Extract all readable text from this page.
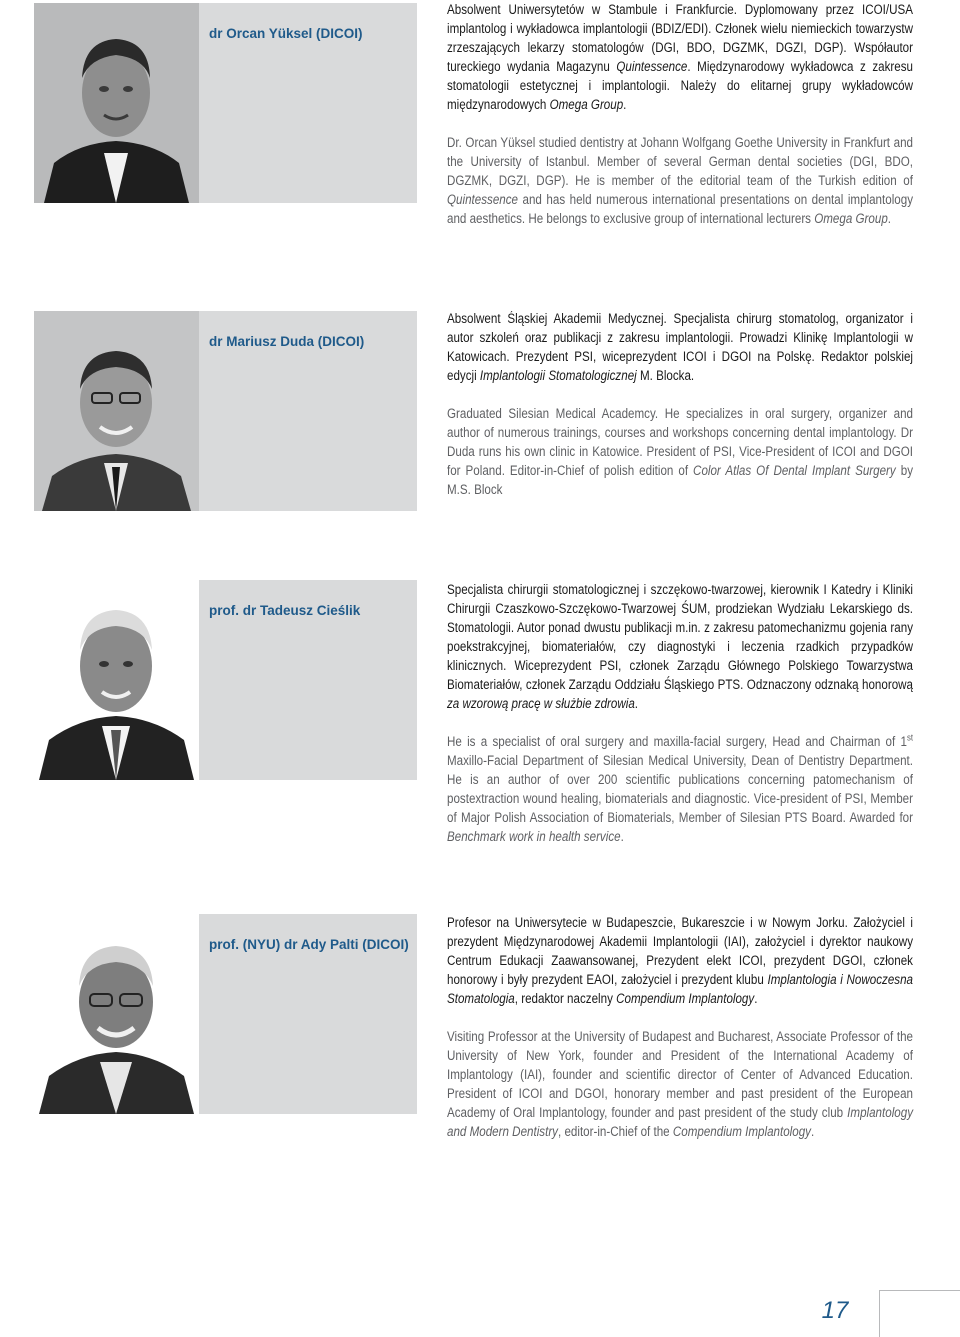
dr Orcan Yüksel (DICOI)

Absolwent Uniwersytetów w Stambule i Frankfurcie. Dyplomowany przez ICOI/USA implantolog i wykładowca implantologii (BDIZ/EDI). Członek wielu niemieckich towarzystw zrzeszających lekarzy stomatologów (DGI, BDO, DGZMK, DGZI, DGP). Współautor tureckiego wydania Magazynu Quintessence. Międzynarodowy wykładowca z zakresu stomatologii estetycznej i implantologii. Należy do elitarnej grupy wykładowców międzynarodowych Omega Group.

Dr. Orcan Yüksel studied dentistry at Johann Wolfgang Goethe University in Frankfurt and the University of Istanbul. Member of several German dental societies (DGI, BDO, DGZMK, DGZI, DGP). He is member of the editorial team of the Turkish edition of Quintessence and has held numerous international presentations on dental implantology and aesthetics. He belongs to exclusive group of international lecturers Omega Group.

dr Mariusz Duda (DICOI)

Absolwent Śląskiej Akademii Medycznej. Specjalista chirurg stomatolog, organizator i autor szkoleń oraz publikacji z zakresu implantologii. Prowadzi Klinikę Implantologii w Katowicach. Prezydent PSI, wiceprezydent ICOI i DGOI na Polskę. Redaktor polskiej edycji Implantologii Stomatologicznej M. Blocka.

Graduated Silesian Medical Academcy. He specializes in oral surgery, organizer and author of numerous trainings, courses and workshops concerning dental implantology. Dr Duda runs his own clinic in Katowice. President of PSI, Vice-President of ICOI and DGOI for Poland. Editor-in-Chief of polish edition of Color Atlas Of Dental Implant Surgery by M.S. Block

prof. dr Tadeusz Cieślik

Specjalista chirurgii stomatologicznej i szczękowo-twarzowej, kierownik I Katedry i Kliniki Chirurgii Czaszkowo-Szczękowo-Twarzowej ŚUM, prodziekan Wydziału Lekarskiego ds. Stomatologii. Autor ponad dwustu publikacji m.in. z zakresu patomechanizmu gojenia rany poekstrakcyjnej, biomateriałów, czy diagnostyki i leczenia rzadkich przypadków klinicznych. Wiceprezydent PSI, członek Zarządu Głównego Polskiego Towarzystwa Biomateriałów, członek Zarządu Oddziału Śląskiego PTS. Odznaczony odznaką honorową za wzorową pracę w służbie zdrowia.

He is a specialist of oral surgery and maxilla-facial surgery, Head and Chairman of 1st Maxillo-Facial Department of Silesian Medical University, Dean of Dentistry Department. He is an author of over 200 scientific publications concerning patomechanism of postextraction wound healing, biomaterials and diagnostic. Vice-president of PSI, Member of Major Polish Association of Biomaterials, Member of Silesian PTS Board. Awarded for Benchmark work in health service.

prof. (NYU) dr Ady Palti (DICOI)

Profesor na Uniwersytecie w Budapeszcie, Bukareszcie i w Nowym Jorku. Założyciel i prezydent Międzynarodowej Akademii Implantologii (IAI), założyciel i dyrektor naukowy Centrum Edukacji Zaawansowanej, Prezydent elekt ICOI, prezydent DGOI, członek honorowy i były prezydent EAOI, założyciel i prezydent klubu Implantologia i Nowoczesna Stomatologia, redaktor naczelny Compendium Implantology.

Visiting Professor at the University of Budapest and Bucharest, Associate Professor of the University of New York, founder and President of the International Academy of Implantology (IAI), founder and scientific director of Center of Advanced Education. President of ICOI and DGOI, honorary member and past president of the European Academy of Oral Implantology, founder and past president of the study club Implantology and Modern Dentistry, editor-in-Chief of the Compendium Implantology.

17
